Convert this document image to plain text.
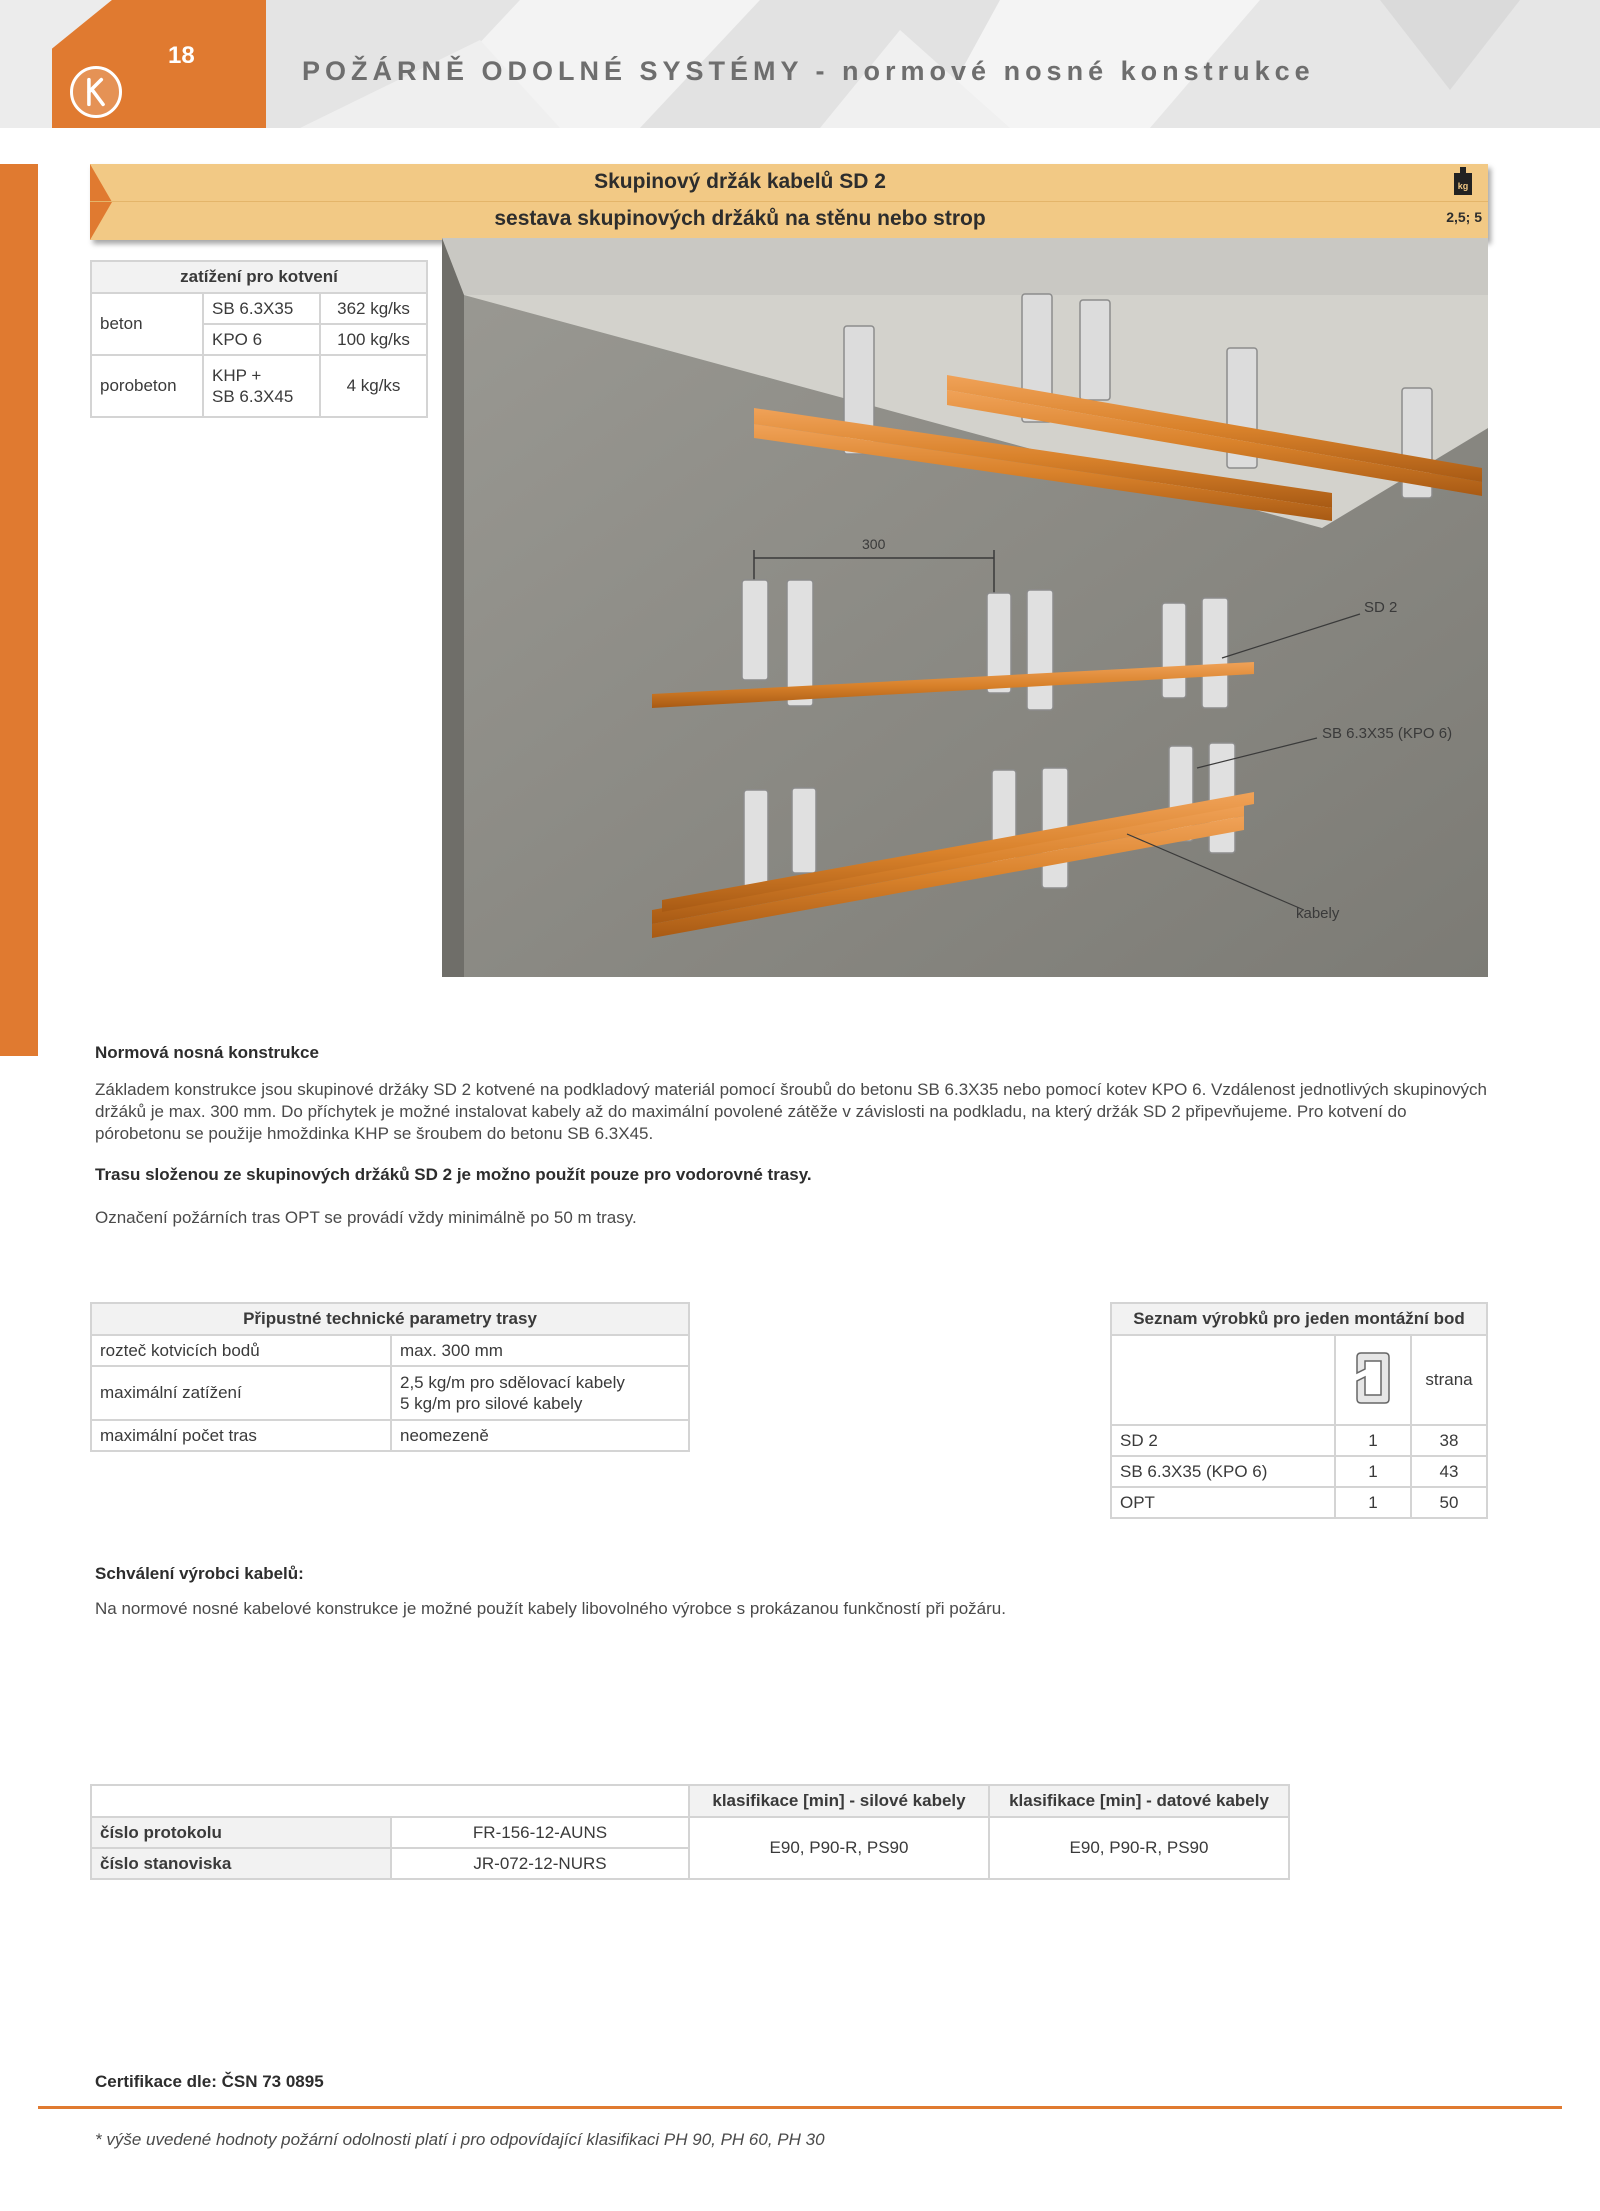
18
POŽÁRNĚ ODOLNÉ SYSTÉMY - normové nosné konstrukce
Skupinový držák kabelů SD 2
sestava skupinových držáků na stěnu nebo strop
kg
2,5; 5
zatížení pro kotvení		
beton	SB 6.3X35	362 kg/ks
	KPO 6	100 kg/ks
porobeton	KHP +
SB 6.3X45	4 kg/ks
300
SD 2
SB 6.3X35 (KPO 6)
kabely
Normová nosná konstrukce
Základem konstrukce jsou skupinové držáky SD 2 kotvené na podkladový materiál pomocí šroubů do betonu SB 6.3X35 nebo pomocí kotev KPO 6. Vzdálenost jednotlivých skupinových držáků je max. 300 mm. Do příchytek je možné instalovat kabely až do maximální povolené zátěže v závislosti na podkladu, na který držák SD 2 připevňujeme. Pro kotvení do pórobetonu se použije hmoždinka KHP se šroubem do betonu SB 6.3X45.
Trasu složenou ze skupinových držáků SD 2 je možno použít pouze pro vodorovné trasy.
Označení požárních tras OPT se provádí vždy minimálně po 50 m trasy.
Připustné technické parametry trasy	
rozteč kotvicích bodů	max. 300 mm
maximální zatížení	2,5 kg/m pro sdělovací kabely
5 kg/m pro silové kabely
maximální počet tras	neomezeně
Seznam výrobků pro jeden montážní bod		
		strana
SD 2	1	38
SB 6.3X35 (KPO 6)	1	43
OPT	1	50
Schválení výrobci kabelů:
Na normové nosné kabelové konstrukce je možné použít kabely libovolného výrobce s prokázanou funkčností při požáru.
		klasifikace [min] - silové kabely	klasifikace [min] - datové kabely
číslo protokolu	FR-156-12-AUNS	E90, P90-R, PS90	E90, P90-R, PS90
číslo stanoviska	JR-072-12-NURS		
Certifikace dle: ČSN 73 0895
* výše uvedené hodnoty požární odolnosti platí i pro odpovídající klasifikaci PH 90, PH 60, PH 30
